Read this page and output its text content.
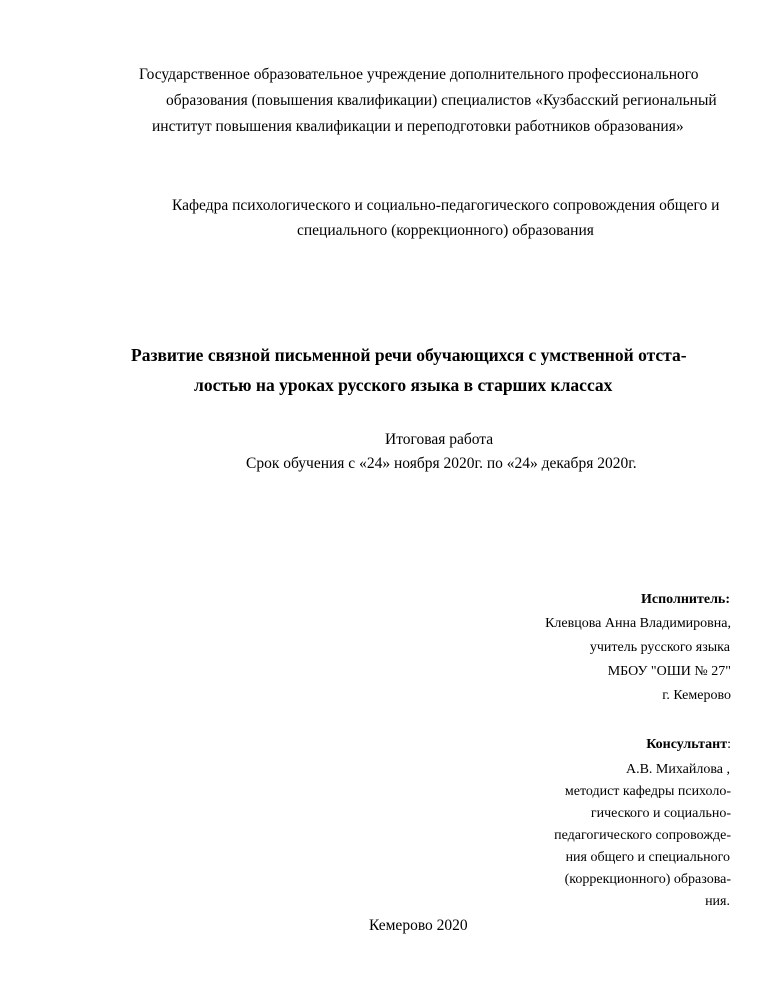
Государственное образовательное учреждение дополнительного профессионального
образования (повышения квалификации) специалистов «Кузбасский региональный
институт повышения квалификации и переподготовки работников образования»
Кафедра психологического и социально-педагогического сопровождения общего и
специального (коррекционного) образования
Развитие связной письменной речи обучающихся с умственной отста-
лостью на уроках русского языка в старших классах
Итоговая работа
Срок обучения с «24» ноября 2020г. по «24» декабря 2020г.
Исполнитель:
Клевцова Анна Владимировна,
учитель русского языка
МБОУ "ОШИ № 27"
г. Кемерово
Консультант:
А.В. Михайлова ,
методист кафедры психоло-
гического и социально-
педагогического сопровожде-
ния общего и специального
(коррекционного) образова-
ния.
Кемерово 2020
